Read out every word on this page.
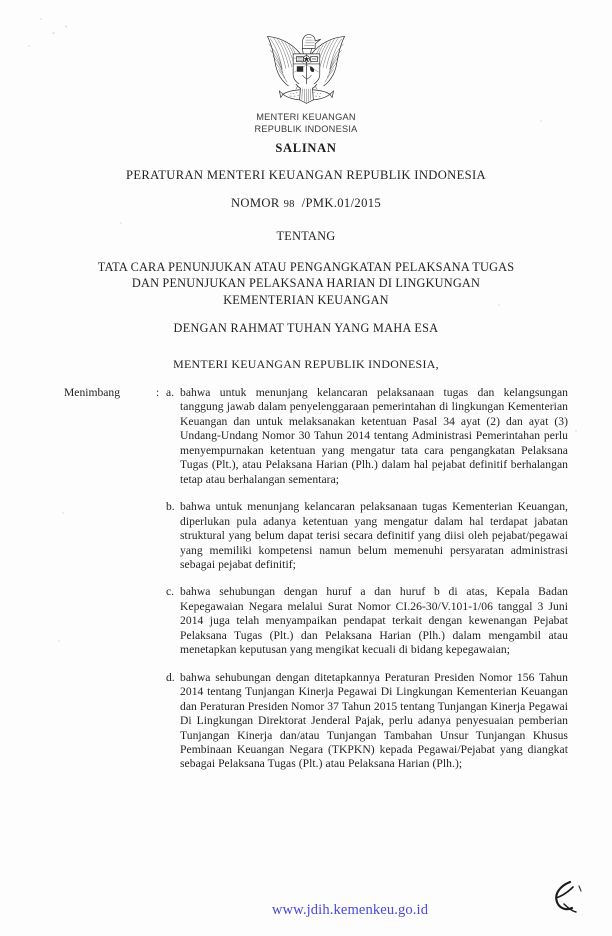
MENTERI KEUANGAN
REPUBLIK INDONESIA
SALINAN
PERATURAN MENTERI KEUANGAN REPUBLIK INDONESIA
NOMOR 98 /PMK.01/2015
TENTANG
TATA CARA PENUNJUKAN ATAU PENGANGKATAN PELAKSANA TUGAS
DAN PENUNJUKAN PELAKSANA HARIAN DI LINGKUNGAN
KEMENTERIAN KEUANGAN
DENGAN RAHMAT TUHAN YANG MAHA ESA
MENTERI KEUANGAN REPUBLIK INDONESIA,
Menimbang	: a. bahwa untuk menunjang kelancaran pelaksanaan tugas dan kelangsungan tanggung jawab dalam penyelenggaraan pemerintahan di lingkungan Kementerian Keuangan dan untuk melaksanakan ketentuan Pasal 34 ayat (2) dan ayat (3) Undang-Undang Nomor 30 Tahun 2014 tentang Administrasi Pemerintahan perlu menyempurnakan ketentuan yang mengatur tata cara pengangkatan Pelaksana Tugas (Plt.), atau Pelaksana Harian (Plh.) dalam hal pejabat definitif berhalangan tetap atau berhalangan sementara;
b. bahwa untuk menunjang kelancaran pelaksanaan tugas Kementerian Keuangan, diperlukan pula adanya ketentuan yang mengatur dalam hal terdapat jabatan struktural yang belum dapat terisi secara definitif yang diisi oleh pejabat/pegawai yang memiliki kompetensi namun belum memenuhi persyaratan administrasi sebagai pejabat definitif;
c. bahwa sehubungan dengan huruf a dan huruf b di atas, Kepala Badan Kepegawaian Negara melalui Surat Nomor CI.26-30/V.101-1/06 tanggal 3 Juni 2014 juga telah menyampaikan pendapat terkait dengan kewenangan Pejabat Pelaksana Tugas (Plt.) dan Pelaksana Harian (Plh.) dalam mengambil atau menetapkan keputusan yang mengikat kecuali di bidang kepegawaian;
d. bahwa sehubungan dengan ditetapkannya Peraturan Presiden Nomor 156 Tahun 2014 tentang Tunjangan Kinerja Pegawai Di Lingkungan Kementerian Keuangan dan Peraturan Presiden Nomor 37 Tahun 2015 tentang Tunjangan Kinerja Pegawai Di Lingkungan Direktorat Jenderal Pajak, perlu adanya penyesuaian pemberian Tunjangan Kinerja dan/atau Tunjangan Tambahan Unsur Tunjangan Khusus Pembinaan Keuangan Negara (TKPKN) kepada Pegawai/Pejabat yang diangkat sebagai Pelaksana Tugas (Plt.) atau Pelaksana Harian (Plh.);
www.jdih.kemenkeu.go.id
